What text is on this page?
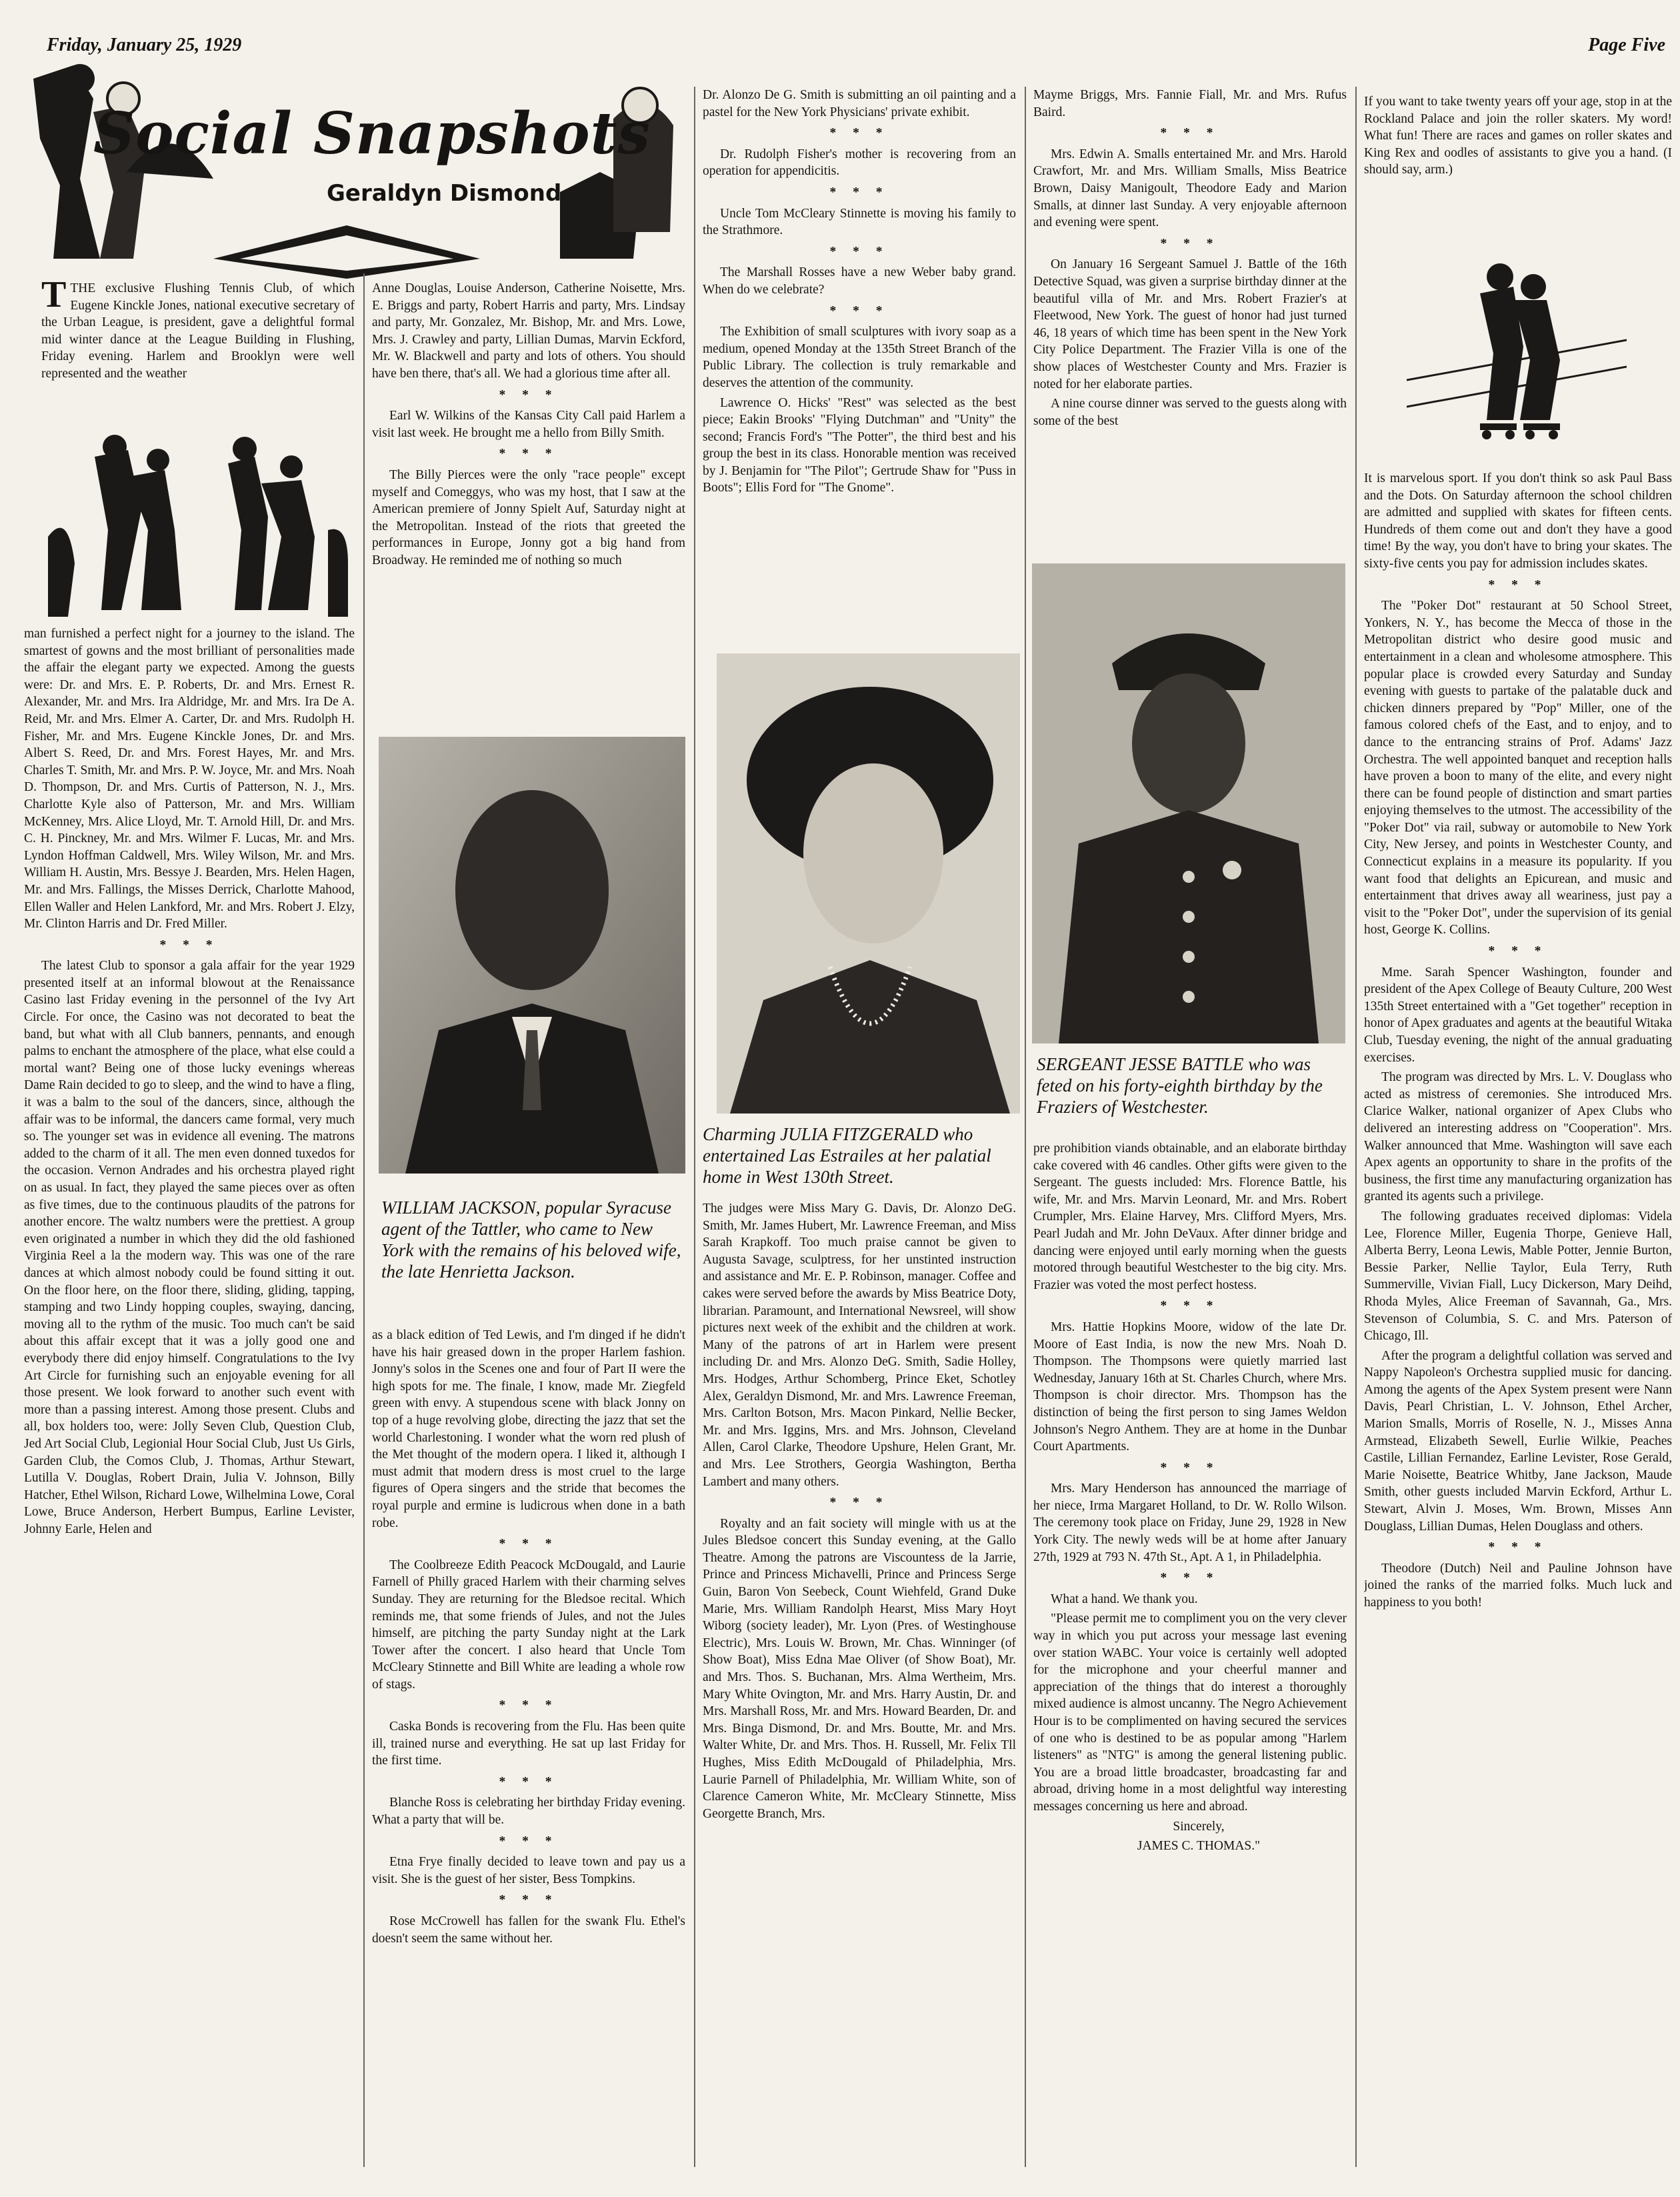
Friday, January 25, 1929	Page Five
Social Snapshots
Geraldyn Dismond

TTHE exclusive Flushing Tennis Club, of which Eugene Kinckle Jones, national executive secretary of the Urban League, is president, gave a delightful formal mid winter dance at the League Building in Flushing, Friday evening. Harlem and Brooklyn were well represented and the weather

man furnished a perfect night for a journey to the island. The smartest of gowns and the most brilliant of personalities made the affair the elegant party we expected. Among the guests were: Dr. and Mrs. E. P. Roberts, Dr. and Mrs. Ernest R. Alexander, Mr. and Mrs. Ira Aldridge, Mr. and Mrs. Ira De A. Reid, Mr. and Mrs. Elmer A. Carter, Dr. and Mrs. Rudolph H. Fisher, Mr. and Mrs. Eugene Kinckle Jones, Dr. and Mrs. Albert S. Reed, Dr. and Mrs. Forest Hayes, Mr. and Mrs. Charles T. Smith, Mr. and Mrs. P. W. Joyce, Mr. and Mrs. Noah D. Thompson, Dr. and Mrs. Curtis of Patterson, N. J., Mrs. Charlotte Kyle also of Patterson, Mr. and Mrs. William McKenney, Mrs. Alice Lloyd, Mr. T. Arnold Hill, Dr. and Mrs. C. H. Pinckney, Mr. and Mrs. Wilmer F. Lucas, Mr. and Mrs. Lyndon Hoffman Caldwell, Mrs. Wiley Wilson, Mr. and Mrs. William H. Austin, Mrs. Bessye J. Bearden, Mrs. Helen Hagen, Mr. and Mrs. Fallings, the Misses Derrick, Charlotte Mahood, Ellen Waller and Helen Lankford, Mr. and Mrs. Robert J. Elzy, Mr. Clinton Harris and Dr. Fred Miller.

* * *

The latest Club to sponsor a gala affair for the year 1929 presented itself at an informal blowout at the Renaissance Casino last Friday evening in the personnel of the Ivy Art Circle. For once, the Casino was not decorated to beat the band, but what with all Club banners, pennants, and enough palms to enchant the atmosphere of the place, what else could a mortal want? Being one of those lucky evenings whereas Dame Rain decided to go to sleep, and the wind to have a fling, it was a balm to the soul of the dancers, since, although the affair was to be informal, the dancers came formal, very much so. The younger set was in evidence all evening. The matrons added to the charm of it all. The men even donned tuxedos for the occasion. Vernon Andrades and his orchestra played right on as usual. In fact, they played the same pieces over as often as five times, due to the continuous plaudits of the patrons for another encore. The waltz numbers were the prettiest. A group even originated a number in which they did the old fashioned Virginia Reel a la the modern way. This was one of the rare dances at which almost nobody could be found sitting it out. On the floor here, on the floor there, sliding, gliding, tapping, stamping and two Lindy hopping couples, swaying, dancing, moving all to the rythm of the music. Too much can't be said about this affair except that it was a jolly good one and everybody there did enjoy himself. Congratulations to the Ivy Art Circle for furnishing such an enjoyable evening for all those present. We look forward to another such event with more than a passing interest. Among those present. Clubs and all, box holders too, were: Jolly Seven Club, Question Club, Jed Art Social Club, Legionial Hour Social Club, Just Us Girls, Garden Club, the Comos Club, J. Thomas, Arthur Stewart, Lutilla V. Douglas, Robert Drain, Julia V. Johnson, Billy Hatcher, Ethel Wilson, Richard Lowe, Wilhelmina Lowe, Coral Lowe, Bruce Anderson, Herbert Bumpus, Earline Levister, Johnny Earle, Helen and

Anne Douglas, Louise Anderson, Catherine Noisette, Mrs. E. Briggs and party, Robert Harris and party, Mrs. Lindsay and party, Mr. Gonzalez, Mr. Bishop, Mr. and Mrs. Lowe, Mrs. J. Crawley and party, Lillian Dumas, Marvin Eckford, Mr. W. Blackwell and party and lots of others. You should have ben there, that's all. We had a glorious time after all.

* * *

Earl W. Wilkins of the Kansas City Call paid Harlem a visit last week. He brought me a hello from Billy Smith.

* * *

The Billy Pierces were the only "race people" except myself and Comeggys, who was my host, that I saw at the American premiere of Jonny Spielt Auf, Saturday night at the Metropolitan. Instead of the riots that greeted the performances in Europe, Jonny got a big hand from Broadway. He reminded me of nothing so much

WILLIAM JACKSON, popular Syracuse agent of the Tattler, who came to New York with the remains of his beloved wife, the late Henrietta Jackson.

as a black edition of Ted Lewis, and I'm dinged if he didn't have his hair greased down in the proper Harlem fashion. Jonny's solos in the Scenes one and four of Part II were the high spots for me. The finale, I know, made Mr. Ziegfeld green with envy. A stupendous scene with black Jonny on top of a huge revolving globe, directing the jazz that set the world Charlestoning. I wonder what the worn red plush of the Met thought of the modern opera. I liked it, although I must admit that modern dress is most cruel to the large figures of Opera singers and the stride that becomes the royal purple and ermine is ludicrous when done in a bath robe.

* * *

The Coolbreeze Edith Peacock McDougald, and Laurie Farnell of Philly graced Harlem with their charming selves Sunday. They are returning for the Bledsoe recital. Which reminds me, that some friends of Jules, and not the Jules himself, are pitching the party Sunday night at the Lark Tower after the concert. I also heard that Uncle Tom McCleary Stinnette and Bill White are leading a whole row of stags.

* * *

Caska Bonds is recovering from the Flu. Has been quite ill, trained nurse and everything. He sat up last Friday for the first time.

* * *

Blanche Ross is celebrating her birthday Friday evening. What a party that will be.

* * *

Etna Frye finally decided to leave town and pay us a visit. She is the guest of her sister, Bess Tompkins.

* * *

Rose McCrowell has fallen for the swank Flu. Ethel's doesn't seem the same without her.

Dr. Alonzo De G. Smith is submitting an oil painting and a pastel for the New York Physicians' private exhibit.

* * *

Dr. Rudolph Fisher's mother is recovering from an operation for appendicitis.

* * *

Uncle Tom McCleary Stinnette is moving his family to the Strathmore.

* * *

The Marshall Rosses have a new Weber baby grand. When do we celebrate?

* * *

The Exhibition of small sculptures with ivory soap as a medium, opened Monday at the 135th Street Branch of the Public Library. The collection is truly remarkable and deserves the attention of the community.

Lawrence O. Hicks' "Rest" was selected as the best piece; Eakin Brooks' "Flying Dutchman" and "Unity" the second; Francis Ford's "The Potter", the third best and his group the best in its class. Honorable mention was received by J. Benjamin for "The Pilot"; Gertrude Shaw for "Puss in Boots"; Ellis Ford for "The Gnome".

Charming JULIA FITZGERALD who entertained Las Estrailes at her palatial home in West 130th Street.

The judges were Miss Mary G. Davis, Dr. Alonzo DeG. Smith, Mr. James Hubert, Mr. Lawrence Freeman, and Miss Sarah Krapkoff. Too much praise cannot be given to Augusta Savage, sculptress, for her unstinted instruction and assistance and Mr. E. P. Robinson, manager. Coffee and cakes were served before the awards by Miss Beatrice Doty, librarian. Paramount, and International Newsreel, will show pictures next week of the exhibit and the children at work. Many of the patrons of art in Harlem were present including Dr. and Mrs. Alonzo DeG. Smith, Sadie Holley, Mrs. Hodges, Arthur Schomberg, Prince Eket, Schotley Alex, Geraldyn Dismond, Mr. and Mrs. Lawrence Freeman, Mrs. Carlton Botson, Mrs. Macon Pinkard, Nellie Becker, Mr. and Mrs. Iggins, Mrs. and Mrs. Johnson, Cleveland Allen, Carol Clarke, Theodore Upshure, Helen Grant, Mr. and Mrs. Lee Strothers, Georgia Washington, Bertha Lambert and many others.

* * *

Royalty and an fait society will mingle with us at the Jules Bledsoe concert this Sunday evening, at the Gallo Theatre. Among the patrons are Viscountess de la Jarrie, Prince and Princess Michavelli, Prince and Princess Serge Guin, Baron Von Seebeck, Count Wiehfeld, Grand Duke Marie, Mrs. William Randolph Hearst, Miss Mary Hoyt Wiborg (society leader), Mr. Lyon (Pres. of Westinghouse Electric), Mrs. Louis W. Brown, Mr. Chas. Winninger (of Show Boat), Miss Edna Mae Oliver (of Show Boat), Mr. and Mrs. Thos. S. Buchanan, Mrs. Alma Wertheim, Mrs. Mary White Ovington, Mr. and Mrs. Harry Austin, Dr. and Mrs. Marshall Ross, Mr. and Mrs. Howard Bearden, Dr. and Mrs. Binga Dismond, Dr. and Mrs. Boutte, Mr. and Mrs. Walter White, Dr. and Mrs. Thos. H. Russell, Mr. Felix Tll Hughes, Miss Edith McDougald of Philadelphia, Mrs. Laurie Parnell of Philadelphia, Mr. William White, son of Clarence Cameron White, Mr. McCleary Stinnette, Miss Georgette Branch, Mrs.

Mayme Briggs, Mrs. Fannie Fiall, Mr. and Mrs. Rufus Baird.

* * *

Mrs. Edwin A. Smalls entertained Mr. and Mrs. Harold Crawfort, Mr. and Mrs. William Smalls, Miss Beatrice Brown, Daisy Manigoult, Theodore Eady and Marion Smalls, at dinner last Sunday. A very enjoyable afternoon and evening were spent.

* * *

On January 16 Sergeant Samuel J. Battle of the 16th Detective Squad, was given a surprise birthday dinner at the beautiful villa of Mr. and Mrs. Robert Frazier's at Fleetwood, New York. The guest of honor had just turned 46, 18 years of which time has been spent in the New York City Police Department. The Frazier Villa is one of the show places of Westchester County and Mrs. Frazier is noted for her elaborate parties.

A nine course dinner was served to the guests along with some of the best

SERGEANT JESSE BATTLE who was feted on his forty-eighth birthday by the Fraziers of Westchester.

pre prohibition viands obtainable, and an elaborate birthday cake covered with 46 candles. Other gifts were given to the Sergeant. The guests included: Mrs. Florence Battle, his wife, Mr. and Mrs. Marvin Leonard, Mr. and Mrs. Robert Crumpler, Mrs. Elaine Harvey, Mrs. Clifford Myers, Mrs. Pearl Judah and Mr. John DeVaux. After dinner bridge and dancing were enjoyed until early morning when the guests motored through beautiful Westchester to the big city. Mrs. Frazier was voted the most perfect hostess.

* * *

Mrs. Hattie Hopkins Moore, widow of the late Dr. Moore of East India, is now the new Mrs. Noah D. Thompson. The Thompsons were quietly married last Wednesday, January 16th at St. Charles Church, where Mrs. Thompson is choir director. Mrs. Thompson has the distinction of being the first person to sing James Weldon Johnson's Negro Anthem. They are at home in the Dunbar Court Apartments.

* * *

Mrs. Mary Henderson has announced the marriage of her niece, Irma Margaret Holland, to Dr. W. Rollo Wilson. The ceremony took place on Friday, June 29, 1928 in New York City. The newly weds will be at home after January 27th, 1929 at 793 N. 47th St., Apt. A 1, in Philadelphia.

* * *

What a hand. We thank you.

"Please permit me to compliment you on the very clever way in which you put across your message last evening over station WABC. Your voice is certainly well adopted for the microphone and your cheerful manner and appreciation of the things that do interest a thoroughly mixed audience is almost uncanny. The Negro Achievement Hour is to be complimented on having secured the services of one who is destined to be as popular among "Harlem listeners" as "NTG" is among the general listening public. You are a broad little broadcaster, broadcasting far and abroad, driving home in a most delightful way interesting messages concerning us here and abroad.

Sincerely,

JAMES C. THOMAS."

If you want to take twenty years off your age, stop in at the Rockland Palace and join the roller skaters. My word! What fun! There are races and games on roller skates and King Rex and oodles of assistants to give you a hand. (I should say, arm.)

It is marvelous sport. If you don't think so ask Paul Bass and the Dots. On Saturday afternoon the school children are admitted and supplied with skates for fifteen cents. Hundreds of them come out and don't they have a good time! By the way, you don't have to bring your skates. The sixty-five cents you pay for admission includes skates.

* * *

The "Poker Dot" restaurant at 50 School Street, Yonkers, N. Y., has become the Mecca of those in the Metropolitan district who desire good music and entertainment in a clean and wholesome atmosphere. This popular place is crowded every Saturday and Sunday evening with guests to partake of the palatable duck and chicken dinners prepared by "Pop" Miller, one of the famous colored chefs of the East, and to enjoy, and to dance to the entrancing strains of Prof. Adams' Jazz Orchestra. The well appointed banquet and reception halls have proven a boon to many of the elite, and every night there can be found people of distinction and smart parties enjoying themselves to the utmost. The accessibility of the "Poker Dot" via rail, subway or automobile to New York City, New Jersey, and points in Westchester County, and Connecticut explains in a measure its popularity. If you want food that delights an Epicurean, and music and entertainment that drives away all weariness, just pay a visit to the "Poker Dot", under the supervision of its genial host, George K. Collins.

* * *

Mme. Sarah Spencer Washington, founder and president of the Apex College of Beauty Culture, 200 West 135th Street entertained with a "Get together" reception in honor of Apex graduates and agents at the beautiful Witaka Club, Tuesday evening, the night of the annual graduating exercises.

The program was directed by Mrs. L. V. Douglass who acted as mistress of ceremonies. She introduced Mrs. Clarice Walker, national organizer of Apex Clubs who delivered an interesting address on "Cooperation". Mrs. Walker announced that Mme. Washington will save each Apex agents an opportunity to share in the profits of the business, the first time any manufacturing organization has granted its agents such a privilege.

The following graduates received diplomas: Videla Lee, Florence Miller, Eugenia Thorpe, Genieve Hall, Alberta Berry, Leona Lewis, Mable Potter, Jennie Burton, Bessie Parker, Nellie Taylor, Eula Terry, Ruth Summerville, Vivian Fiall, Lucy Dickerson, Mary Deihd, Rhoda Myles, Alice Freeman of Savannah, Ga., Mrs. Stevenson of Columbia, S. C. and Mrs. Paterson of Chicago, Ill.

After the program a delightful collation was served and Nappy Napoleon's Orchestra supplied music for dancing. Among the agents of the Apex System present were Nann Davis, Pearl Christian, L. V. Johnson, Ethel Archer, Marion Smalls, Morris of Roselle, N. J., Misses Anna Armstead, Elizabeth Sewell, Eurlie Wilkie, Peaches Castile, Lillian Fernandez, Earline Levister, Rose Gerald, Marie Noisette, Beatrice Whitby, Jane Jackson, Maude Smith, other guests included Marvin Eckford, Arthur L. Stewart, Alvin J. Moses, Wm. Brown, Misses Ann Douglass, Lillian Dumas, Helen Douglass and others.

* * *

Theodore (Dutch) Neil and Pauline Johnson have joined the ranks of the married folks. Much luck and happiness to you both!
